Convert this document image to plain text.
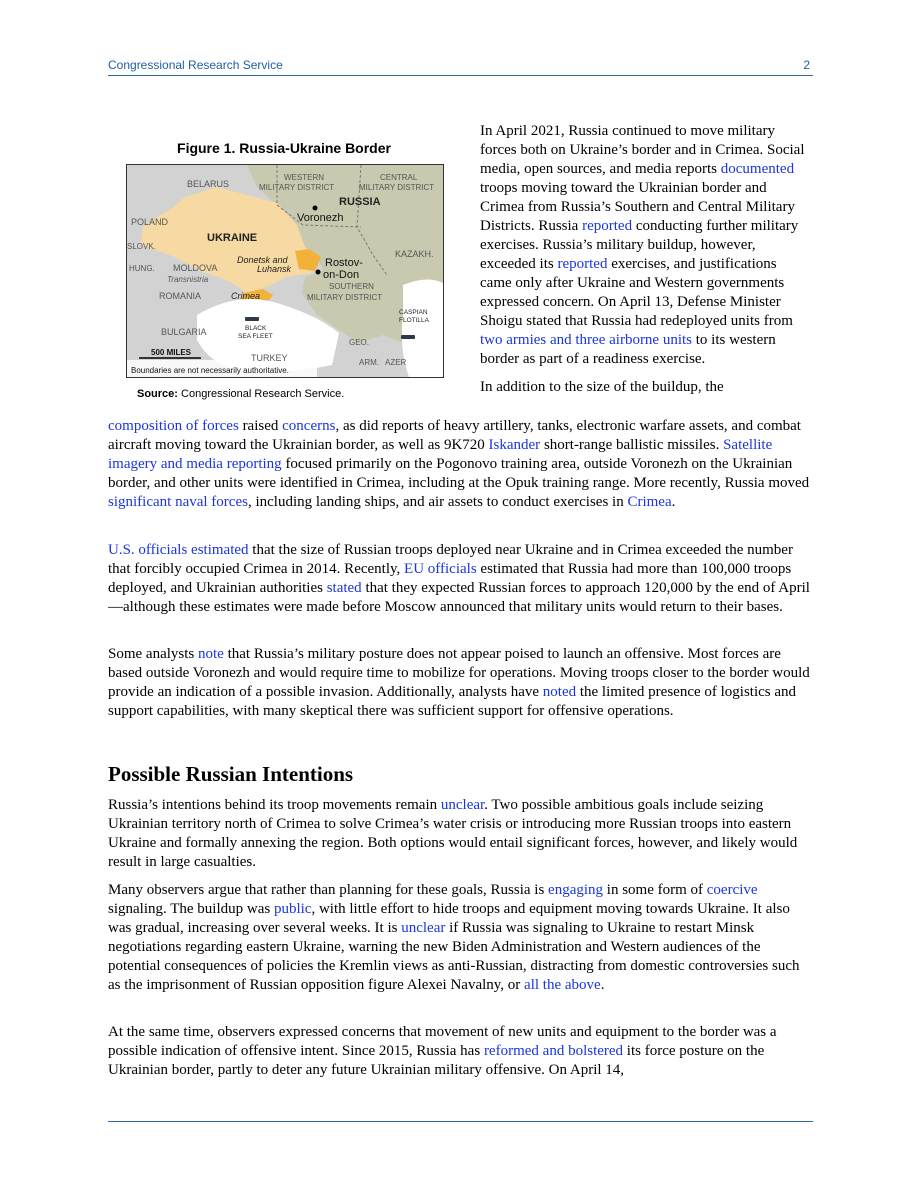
Congressional Research Service	2
Figure 1. Russia-Ukraine Border
BELARUS
WESTERN
MILITARY DISTRICT
CENTRAL
MILITARY DISTRICT
RUSSIA
Voronezh
POLAND
SLOVK.
UKRAINE
Donetsk and
Luhansk	Rostov-
on-Don
KAZAKH.
HUNG. MOLDOVA
Transnistria
ROMANIA	Crimea
SOUTHERN
MILITARY DISTRICT
CASPIAN
FLOTILLA
BLACK
SEA FLEET
BULGARIA
GEO.
TURKEY	ARM. AZER
500 MILES
Boundaries are not necessarily authoritative.
Source: Congressional Research Service.

In April 2021, Russia continued to move military forces both on Ukraine’s border and in Crimea. Social media, open sources, and media reports documented troops moving toward the Ukrainian border and Crimea from Russia’s Southern and Central Military Districts. Russia reported conducting further military exercises. Russia’s military buildup, however, exceeded its reported exercises, and justifications came only after Ukraine and Western governments expressed concern. On April 13, Defense Minister Shoigu stated that Russia had redeployed units from two armies and three airborne units to its western border as part of a readiness exercise.

In addition to the size of the buildup, the

composition of forces raised concerns, as did reports of heavy artillery, tanks, electronic warfare assets, and combat aircraft moving toward the Ukrainian border, as well as 9K720 Iskander short-range ballistic missiles. Satellite imagery and media reporting focused primarily on the Pogonovo training area, outside Voronezh on the Ukrainian border, and other units were identified in Crimea, including at the Opuk training range. More recently, Russia moved significant naval forces, including landing ships, and air assets to conduct exercises in Crimea.
U.S. officials estimated that the size of Russian troops deployed near Ukraine and in Crimea exceeded the number that forcibly occupied Crimea in 2014. Recently, EU officials estimated that Russia had more than 100,000 troops deployed, and Ukrainian authorities stated that they expected Russian forces to approach 120,000 by the end of April—although these estimates were made before Moscow announced that military units would return to their bases.
Some analysts note that Russia’s military posture does not appear poised to launch an offensive. Most forces are based outside Voronezh and would require time to mobilize for operations. Moving troops closer to the border would provide an indication of a possible invasion. Additionally, analysts have noted the limited presence of logistics and support capabilities, with many skeptical there was sufficient support for offensive operations.
Possible Russian Intentions
Russia’s intentions behind its troop movements remain unclear. Two possible ambitious goals include seizing Ukrainian territory north of Crimea to solve Crimea’s water crisis or introducing more Russian troops into eastern Ukraine and formally annexing the region. Both options would entail significant forces, however, and likely would result in large casualties.
Many observers argue that rather than planning for these goals, Russia is engaging in some form of coercive signaling. The buildup was public, with little effort to hide troops and equipment moving towards Ukraine. It also was gradual, increasing over several weeks. It is unclear if Russia was signaling to Ukraine to restart Minsk negotiations regarding eastern Ukraine, warning the new Biden Administration and Western audiences of the potential consequences of policies the Kremlin views as anti-Russian, distracting from domestic controversies such as the imprisonment of Russian opposition figure Alexei Navalny, or all the above.
At the same time, observers expressed concerns that movement of new units and equipment to the border was a possible indication of offensive intent. Since 2015, Russia has reformed and bolstered its force posture on the Ukrainian border, partly to deter any future Ukrainian military offensive. On April 14,
